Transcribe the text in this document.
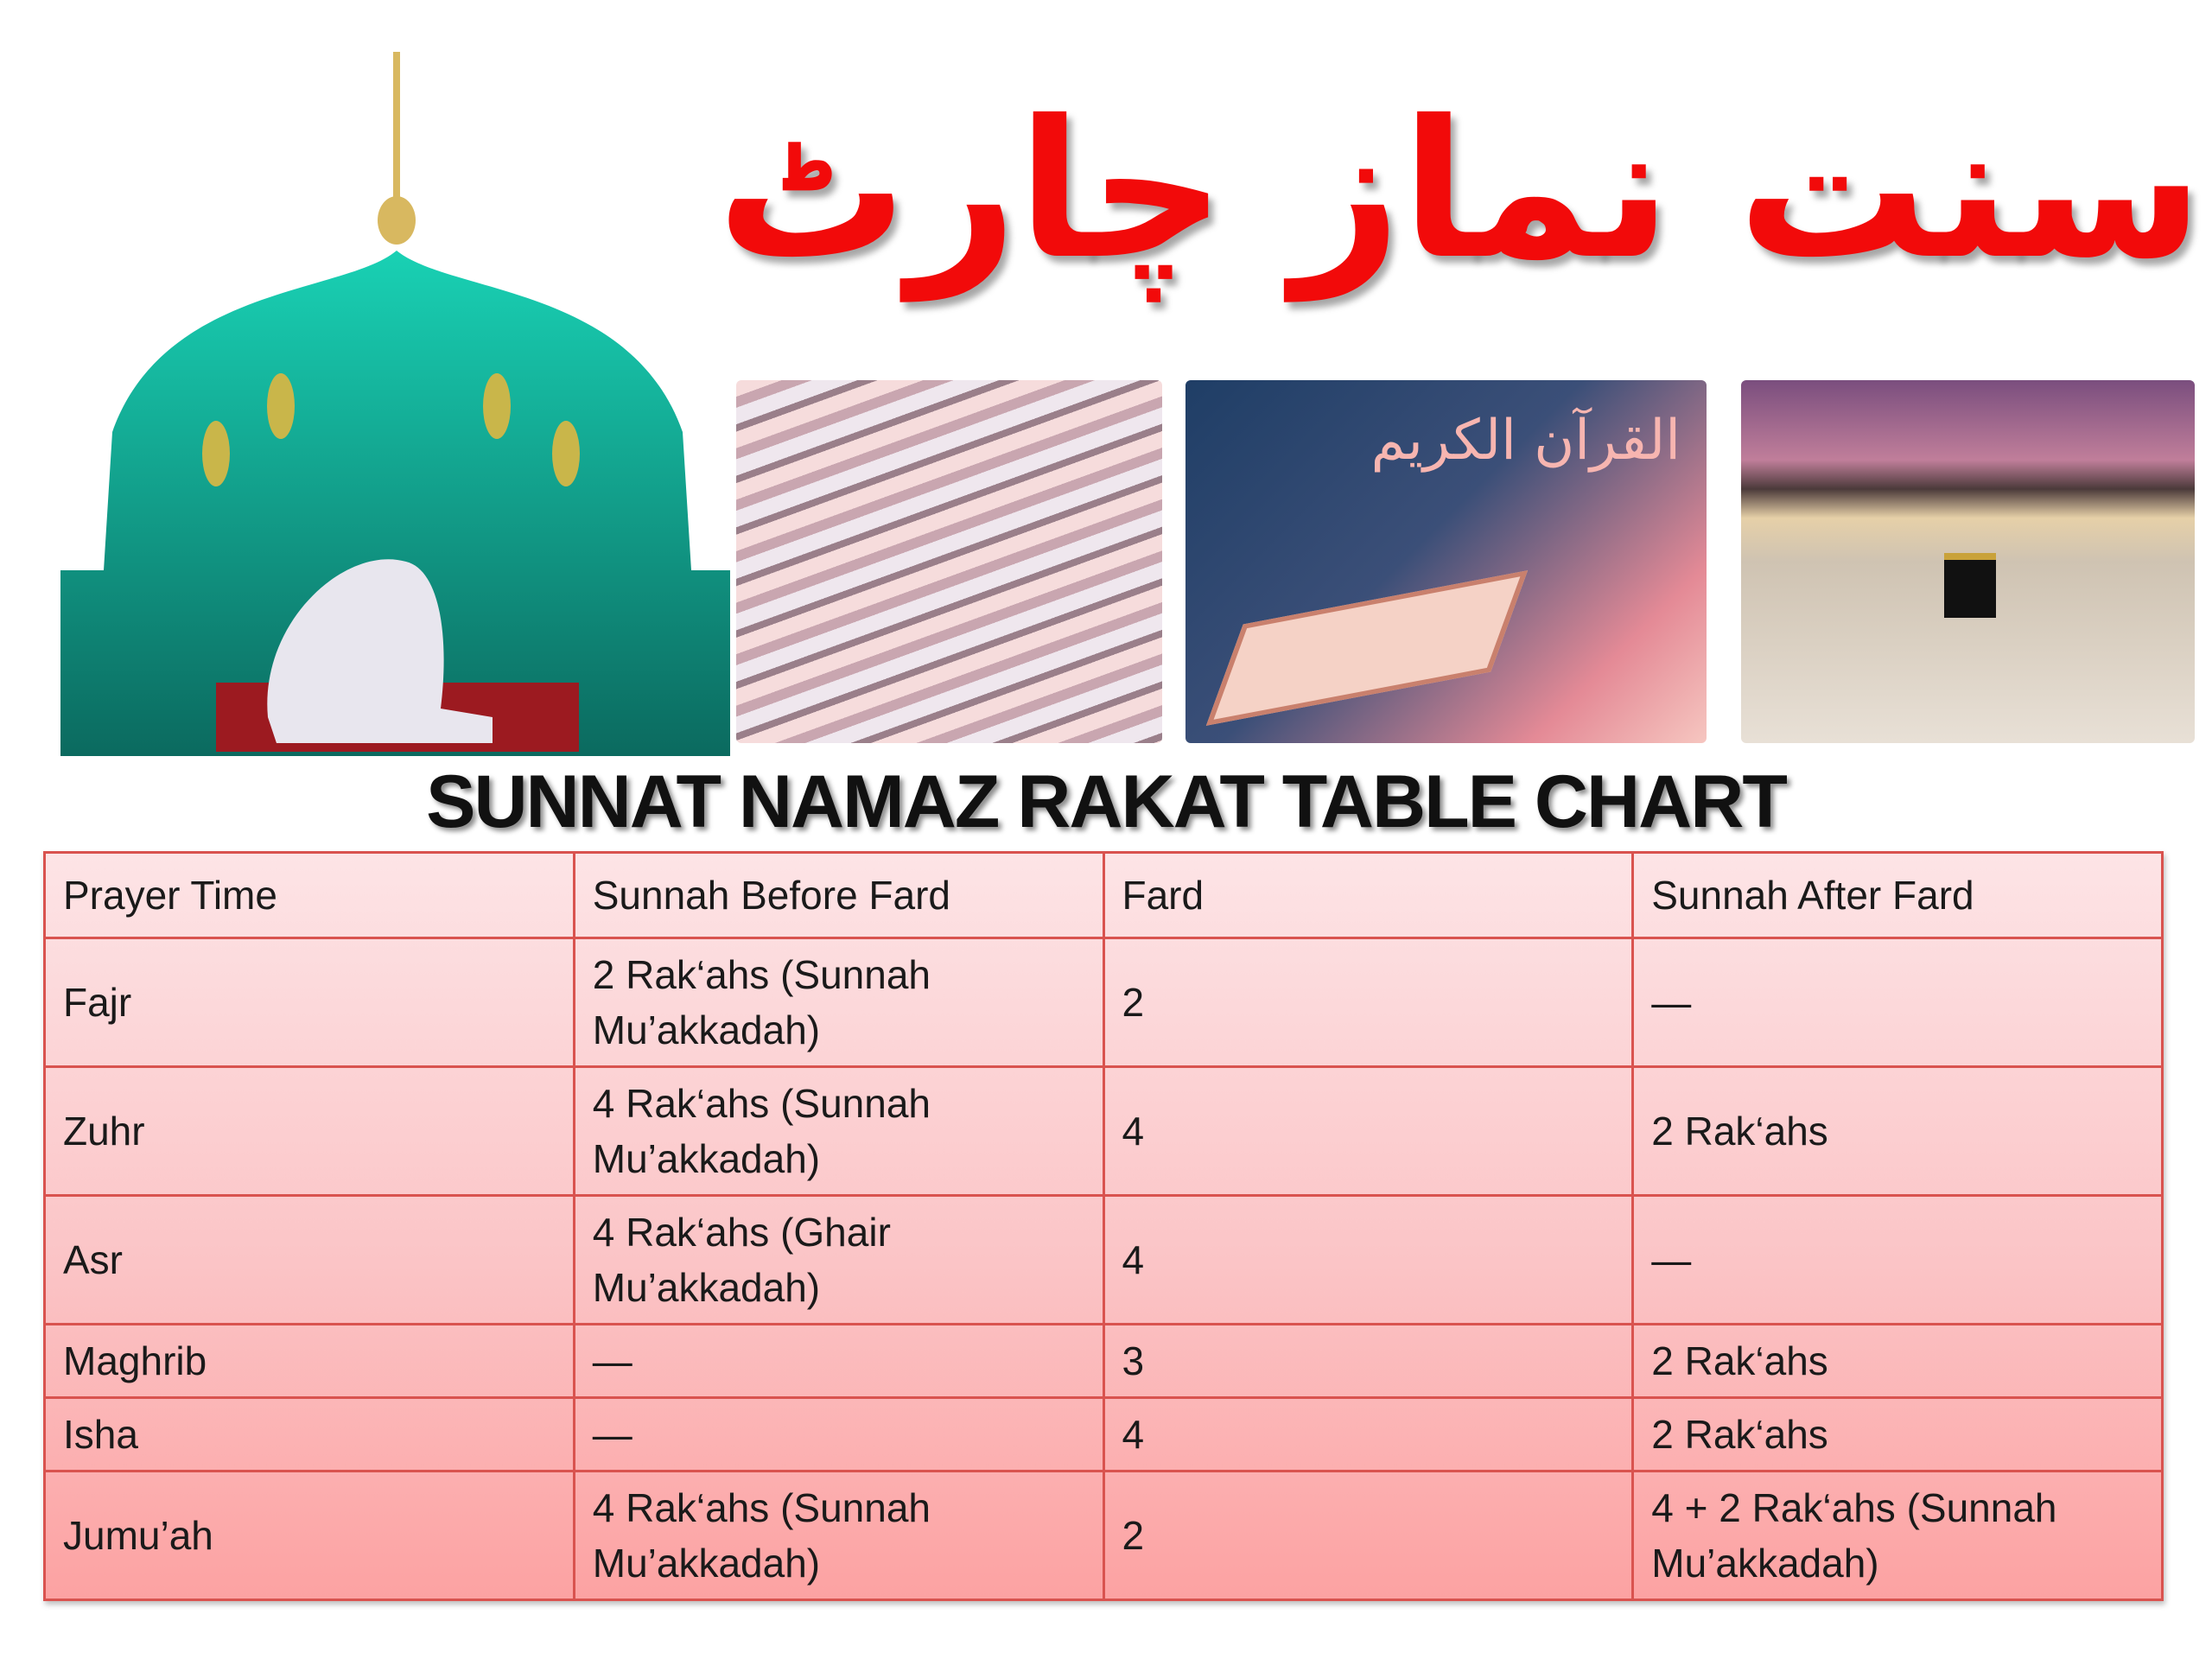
سنت نماز چارٹ
القرآن الكريم
SUNNAT NAMAZ RAKAT TABLE CHART
Prayer Time	Sunnah Before Fard	Fard	Sunnah After Fard
Fajr	2 Rak‘ahs (Sunnah Mu’akkadah)	2	—
Zuhr	4 Rak‘ahs (Sunnah Mu’akkadah)	4	2 Rak‘ahs
Asr	4 Rak‘ahs (Ghair Mu’akkadah)	4	—
Maghrib	—	3	2 Rak‘ahs
Isha	—	4	2 Rak‘ahs
Jumu’ah	4 Rak‘ahs (Sunnah Mu’akkadah)	2	4 + 2 Rak‘ahs (Sunnah Mu’akkadah)
